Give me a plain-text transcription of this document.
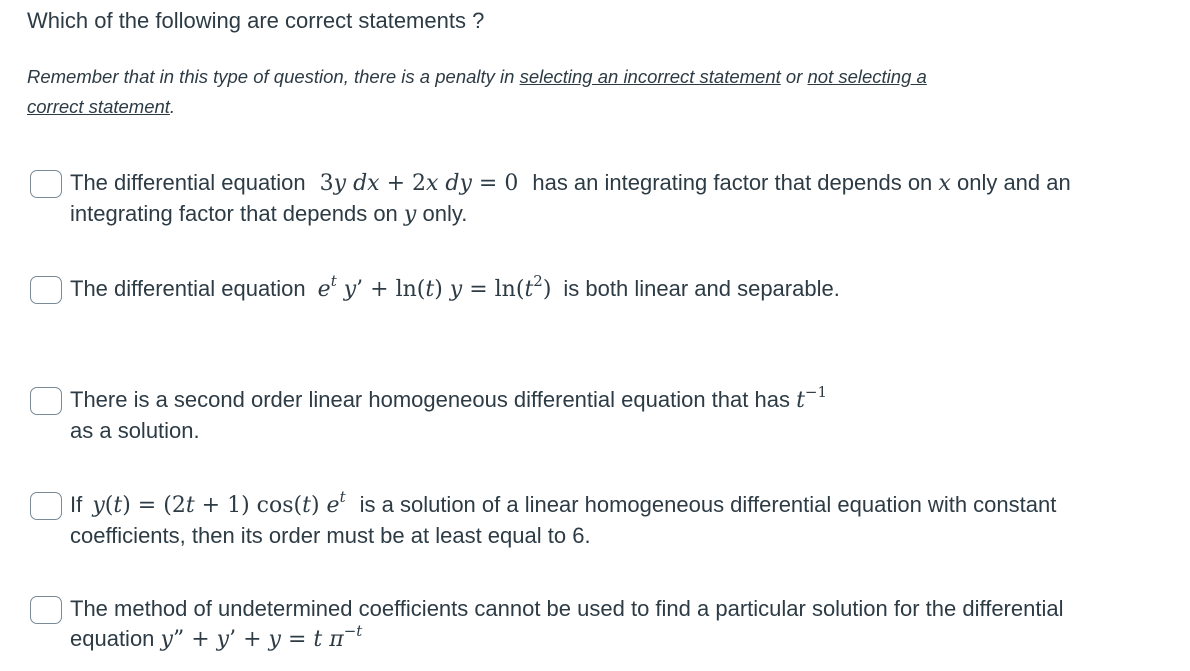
Which of the following are correct statements ?
Remember that in this type of question, there is a penalty in selecting an incorrect statement or not selecting a correct statement.
The differential equation 3y dx + 2x dy = 0 has an integrating factor that depends on x only and an integrating factor that depends on y only.
The differential equation $e^t$ y’ + ln(t) $y = \ln(t^2)$ is both linear and separable.
There is a second order linear homogeneous differential equation that has $t^{-1}$
as a solution.
If y(t) = (2t + 1) cos(t) $e^t$ is a solution of a linear homogeneous differential equation with constant coefficients, then its order must be at least equal to 6.
The method of undetermined coefficients cannot be used to find a particular solution for the differential equation y” + y’ + y = t $\pi^{-t}$
